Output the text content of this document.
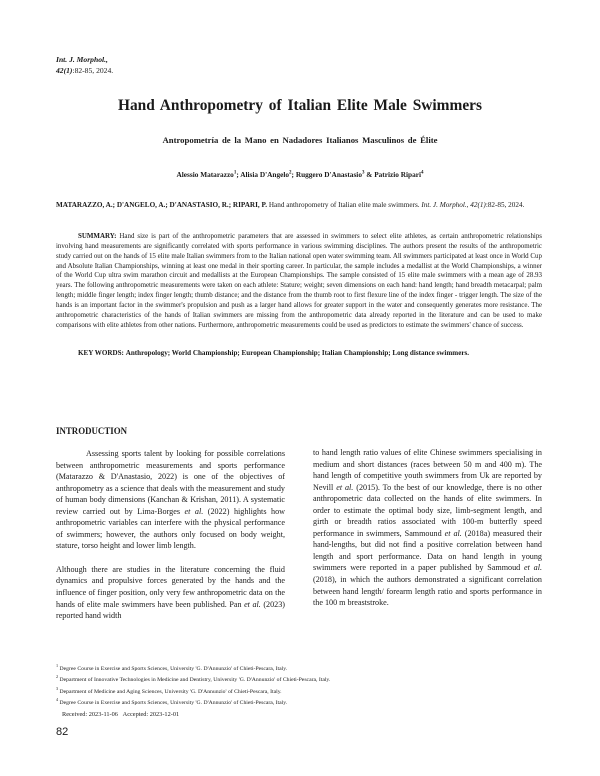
Int. J. Morphol.,
42(1):82-85, 2024.
Hand Anthropometry of Italian Elite Male Swimmers
Antropometría de la Mano en Nadadores Italianos Masculinos de Élite
Alessio Matarazzo$^1$; Alisia D'Angelo$^2$; Ruggero D'Anastasio$^3$ & Patrizio Ripari$^4$
MATARAZZO, A.; D'ANGELO, A.; D'ANASTASIO, R.; RIPARI, P. Hand anthropometry of Italian elite male swimmers. Int. J. Morphol., 42(1):82-85, 2024.
SUMMARY: Hand size is part of the anthropometric parameters that are assessed in swimmers to select elite athletes, as certain anthropometric relationships involving hand measurements are significantly correlated with sports performance in various swimming disciplines. The authors present the results of the anthropometric study carried out on the hands of 15 elite male Italian swimmers from to the Italian national open water swimming team. All swimmers participated at least once in World Cup and Absolute Italian Championships, winning at least one medal in their sporting career. In particular, the sample includes a medallist at the World Championships, a winner of the World Cup ultra swim marathon circuit and medallists at the European Championships. The sample consisted of 15 elite male swimmers with a mean age of 28.93 years. The following anthropometric measurements were taken on each athlete: Stature; weight; seven dimensions on each hand: hand length; hand breadth metacarpal; palm length; middle finger length; index finger length; thumb distance; and the distance from the thumb root to first flexure line of the index finger - trigger length. The size of the hands is an important factor in the swimmer's propulsion and push as a larger hand allows for greater support in the water and consequently generates more resistance. The anthropometric characteristics of the hands of Italian swimmers are missing from the anthropometric data already reported in the literature and can be used to make comparisons with elite athletes from other nations. Furthermore, anthropometric measurements could be used as predictors to estimate the swimmers' chance of success.
KEY WORDS: Anthropology; World Championship; European Championship; Italian Championship; Long distance swimmers.
INTRODUCTION

Assessing sports talent by looking for possible correlations between anthropometric measurements and sports performance (Matarazzo & D'Anastasio, 2022) is one of the objectives of anthropometry as a science that deals with the measurement and study of human body dimensions (Kanchan & Krishan, 2011). A systematic review carried out by Lima-Borges et al. (2022) highlights how anthropometric variables can interfere with the physical performance of swimmers; however, the authors only focused on body weight, stature, torso height and lower limb length.

Although there are studies in the literature concerning the fluid dynamics and propulsive forces generated by the hands and the influence of finger position, only very few anthropometric data on the hands of elite male swimmers have been published. Pan et al. (2023) reported hand width

to hand length ratio values of elite Chinese swimmers specialising in medium and short distances (races between 50 m and 400 m). The hand length of competitive youth swimmers from Uk are reported by Nevill et al. (2015). To the best of our knowledge, there is no other anthropometric data collected on the hands of elite swimmers. In order to estimate the optimal body size, limb-segment length, and girth or breadth ratios associated with 100-m butterfly speed performance in swimmers, Sammound et al. (2018a) measured their hand-lengths, but did not find a positive correlation between hand length and sport performance. Data on hand length in young swimmers were reported in a paper published by Sammoud et al. (2018), in which the authors demonstrated a significant correlation between hand length/ forearm length ratio and sports performance in the 100 m breaststroke.

$^1$ Degree Course in Exercise and Sports Sciences, University 'G. D'Annunzio' of Chieti-Pescara, Italy.
$^2$ Department of Innovative Technologies in Medicine and Dentistry, University 'G. D'Annunzio' of Chieti-Pescara, Italy.
$^3$ Department of Medicine and Aging Sciences, University 'G. D'Annunzio' of Chieti-Pescara, Italy.
$^4$ Degree Course in Exercise and Sports Sciences, University 'G. D'Annunzio' of Chieti-Pescara, Italy.
Received: 2023-11-06 Accepted: 2023-12-01
82
